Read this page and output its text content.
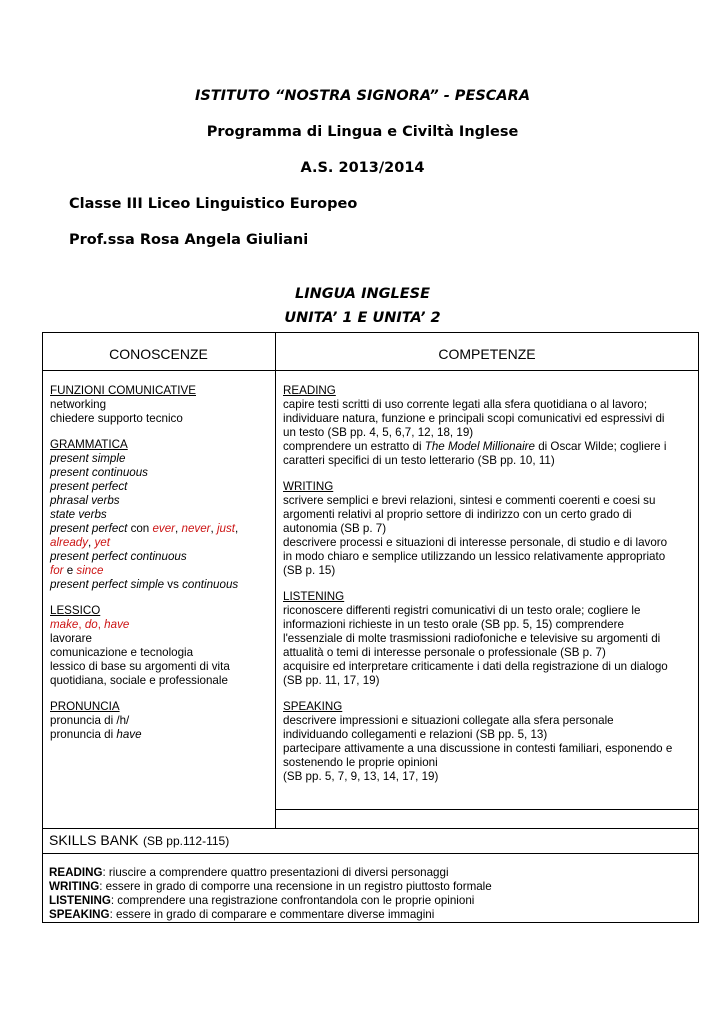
ISTITUTO “NOSTRA SIGNORA” - PESCARA
Programma di Lingua e Civiltà Inglese
A.S. 2013/2014
Classe III Liceo Linguistico Europeo
Prof.ssa Rosa Angela Giuliani
LINGUA INGLESE
UNITA’ 1 E UNITA’ 2
CONOSCENZE	COMPETENZE
FUNZIONI COMUNICATIVE
networking
chiedere supporto tecnico
GRAMMATICA
present simple
present continuous
present perfect
phrasal verbs
state verbs
present perfect con ever, never, just,
already, yet
present perfect continuous
for e since
present perfect simple vs continuous
LESSICO
make, do, have
lavorare
comunicazione e tecnologia
lessico di base su argomenti di vita
quotidiana, sociale e professionale
PRONUNCIA
pronuncia di /h/
pronuncia di have
READING
capire testi scritti di uso corrente legati alla sfera quotidiana o al lavoro;
individuare natura, funzione e principali scopi comunicativi ed espressivi di
un testo (SB pp. 4, 5, 6,7, 12, 18, 19)
comprendere un estratto di The Model Millionaire di Oscar Wilde; cogliere i
caratteri specifici di un testo letterario (SB pp. 10, 11)
WRITING
scrivere semplici e brevi relazioni, sintesi e commenti coerenti e coesi su
argomenti relativi al proprio settore di indirizzo con un certo grado di
autonomia (SB p. 7)
descrivere processi e situazioni di interesse personale, di studio e di lavoro
in modo chiaro e semplice utilizzando un lessico relativamente appropriato
(SB p. 15)
LISTENING
riconoscere differenti registri comunicativi di un testo orale; cogliere le
informazioni richieste in un testo orale (SB pp. 5, 15) comprendere
l'essenziale di molte trasmissioni radiofoniche e televisive su argomenti di
attualità o temi di interesse personale o professionale (SB p. 7)
acquisire ed interpretare criticamente i dati della registrazione di un dialogo
(SB pp. 11, 17, 19)
SPEAKING
descrivere impressioni e situazioni collegate alla sfera personale
individuando collegamenti e relazioni (SB pp. 5, 13)
partecipare attivamente a una discussione in contesti familiari, esponendo e
sostenendo le proprie opinioni
(SB pp. 5, 7, 9, 13, 14, 17, 19)
SKILLS BANK (SB pp.112-115)
READING: riuscire a comprendere quattro presentazioni di diversi personaggi
WRITING: essere in grado di comporre una recensione in un registro piuttosto formale
LISTENING: comprendere una registrazione confrontandola con le proprie opinioni
SPEAKING: essere in grado di comparare e commentare diverse immagini
